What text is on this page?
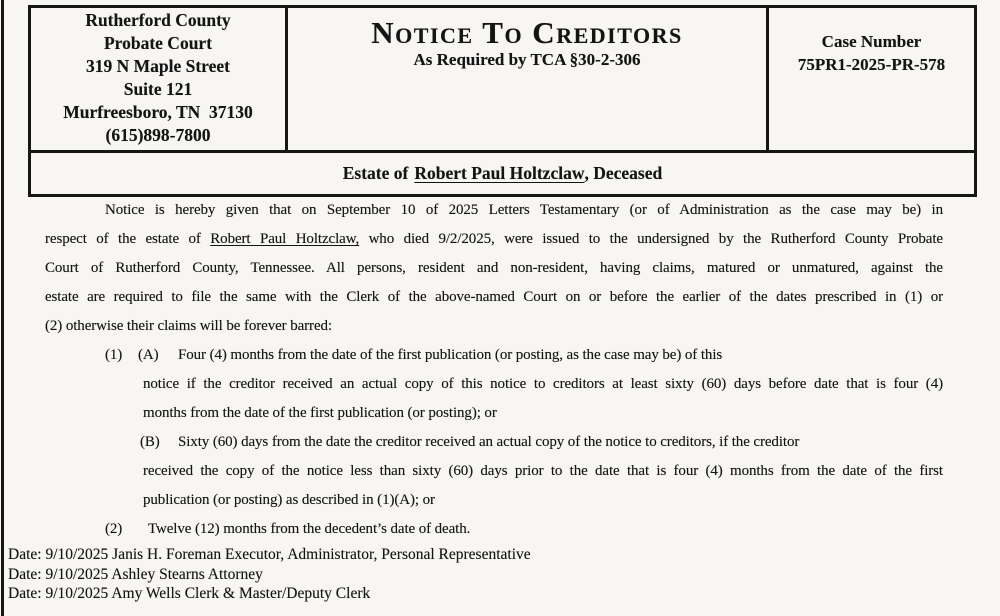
Rutherford County
Probate Court
319 N Maple Street
Suite 121
Murfreesboro, TN  37130
(615)898-7800
Notice To Creditors
As Required by TCA §30-2-306
Case Number
75PR1-2025-PR-578
Estate of Robert Paul Holtzclaw , Deceased
Notice is hereby given that on September 10 of 2025 Letters Testamentary (or of Administration as the case may be) in
respect of the estate of Robert Paul Holtzclaw, who died 9/2/2025, were issued to the undersigned by the Rutherford County Probate
Court of Rutherford County, Tennessee. All persons, resident and non-resident, having claims, matured or unmatured, against the
estate are required to file the same with the Clerk of the above-named Court on or before the earlier of the dates prescribed in (1) or
(2) otherwise their claims will be forever barred:
(1) (A) Four (4) months from the date of the first publication (or posting, as the case may be) of this
notice if the creditor received an actual copy of this notice to creditors at least sixty (60) days before date that is four (4)
months from the date of the first publication (or posting); or
(B) Sixty (60) days from the date the creditor received an actual copy of the notice to creditors, if the creditor
received the copy of the notice less than sixty (60) days prior to the date that is four (4) months from the date of the first
publication (or posting) as described in (1)(A); or
(2) Twelve (12) months from the decedent’s date of death.
Date: 9/10/2025 Janis H. Foreman Executor, Administrator, Personal Representative
Date: 9/10/2025 Ashley Stearns Attorney
Date: 9/10/2025 Amy Wells Clerk & Master/Deputy Clerk
